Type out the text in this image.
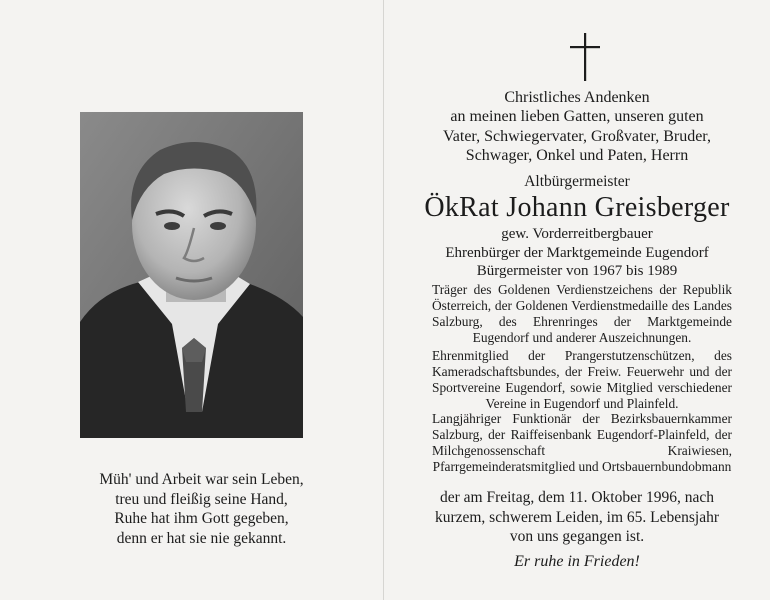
Müh' und Arbeit war sein Leben,
treu und fleißig seine Hand,
Ruhe hat ihm Gott gegeben,
denn er hat sie nie gekannt.
Christliches Andenken
an meinen lieben Gatten, unseren guten
Vater, Schwiegervater, Großvater, Bruder,
Schwager, Onkel und Paten, Herrn
Altbürgermeister
ÖkRat Johann Greisberger
gew. Vorderreitbergbauer
Ehrenbürger der Marktgemeinde Eugendorf
Bürgermeister von 1967 bis 1989
Träger des Goldenen Verdienstzeichens der Republik Österreich, der Goldenen Verdienstmedaille des Landes Salzburg, des Ehrenringes der Marktgemeinde Eugendorf und anderer Auszeichnungen.
Ehrenmitglied der Prangerstutzenschützen, des Kameradschaftsbundes, der Freiw. Feuerwehr und der Sportvereine Eugendorf, sowie Mitglied verschiedener Vereine in Eugendorf und Plainfeld.
Langjähriger Funktionär der Bezirksbauernkammer Salzburg, der Raiffeisenbank Eugendorf-Plainfeld, der Milchgenossenschaft Kraiwiesen, Pfarrgemeinderatsmitglied und Ortsbauernbundobmann
der am Freitag, dem 11. Oktober 1996, nach
kurzem, schwerem Leiden, im 65. Lebensjahr
von uns gegangen ist.
Er ruhe in Frieden!
